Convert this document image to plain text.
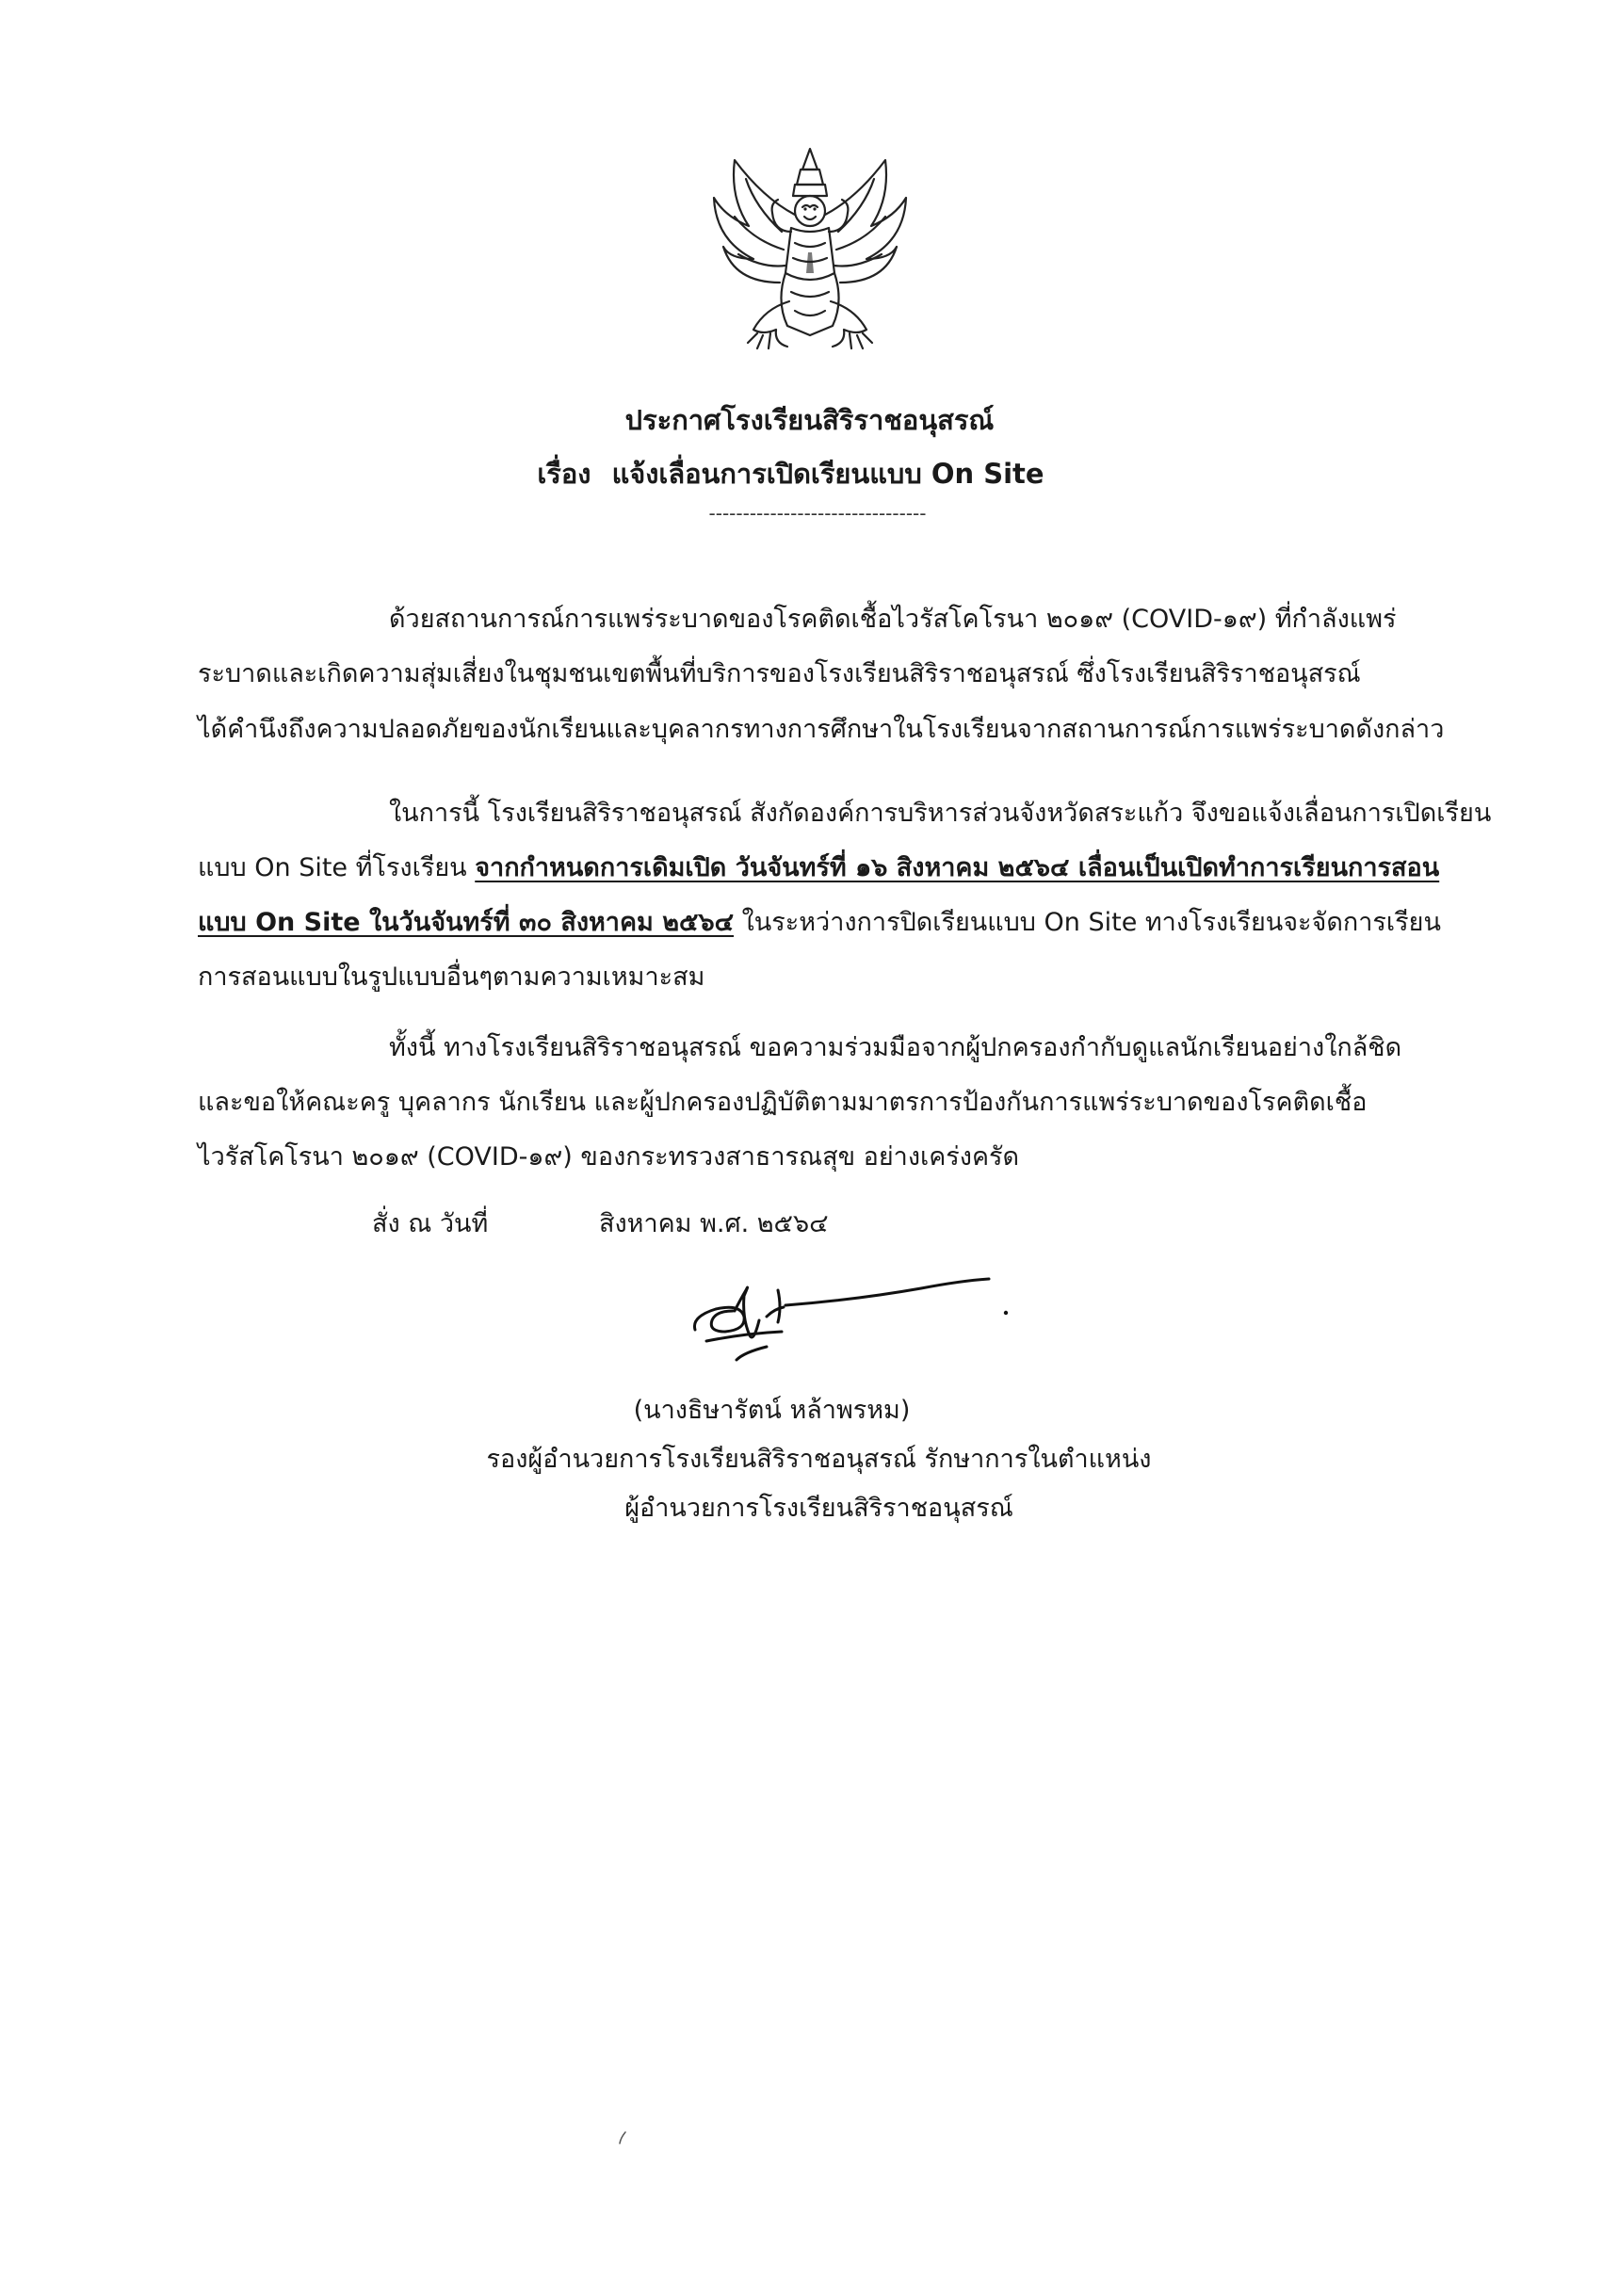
ประกาศโรงเรียนสิริราชอนุสรณ์
เรื่อง แจ้งเลื่อนการเปิดเรียนแบบ On Site
--------------------------------
ด้วยสถานการณ์การแพร่ระบาดของโรคติดเชื้อไวรัสโคโรนา ๒๐๑๙ (COVID-๑๙) ที่กำลังแพร่
ระบาดและเกิดความสุ่มเสี่ยงในชุมชนเขตพื้นที่บริการของโรงเรียนสิริราชอนุสรณ์ ซึ่งโรงเรียนสิริราชอนุสรณ์
ได้คำนึงถึงความปลอดภัยของนักเรียนและบุคลากรทางการศึกษาในโรงเรียนจากสถานการณ์การแพร่ระบาดดังกล่าว
ในการนี้ โรงเรียนสิริราชอนุสรณ์ สังกัดองค์การบริหารส่วนจังหวัดสระแก้ว จึงขอแจ้งเลื่อนการเปิดเรียน
แบบ On Site ที่โรงเรียน จากกำหนดการเดิมเปิด วันจันทร์ที่ ๑๖ สิงหาคม ๒๕๖๔ เลื่อนเป็นเปิดทำการเรียนการสอน
แบบ On Site ในวันจันทร์ที่ ๓๐ สิงหาคม ๒๕๖๔ ในระหว่างการปิดเรียนแบบ On Site ทางโรงเรียนจะจัดการเรียน
การสอนแบบในรูปแบบอื่นๆตามความเหมาะสม
ทั้งนี้ ทางโรงเรียนสิริราชอนุสรณ์ ขอความร่วมมือจากผู้ปกครองกำกับดูแลนักเรียนอย่างใกล้ชิด
และขอให้คณะครู บุคลากร นักเรียน และผู้ปกครองปฏิบัติตามมาตรการป้องกันการแพร่ระบาดของโรคติดเชื้อ
ไวรัสโคโรนา ๒๐๑๙ (COVID-๑๙) ของกระทรวงสาธารณสุข อย่างเคร่งครัด
สั่ง ณ วันที่	สิงหาคม พ.ศ. ๒๕๖๔
(นางธิษารัตน์ หล้าพรหม)
รองผู้อำนวยการโรงเรียนสิริราชอนุสรณ์ รักษาการในตำแหน่ง
ผู้อำนวยการโรงเรียนสิริราชอนุสรณ์
